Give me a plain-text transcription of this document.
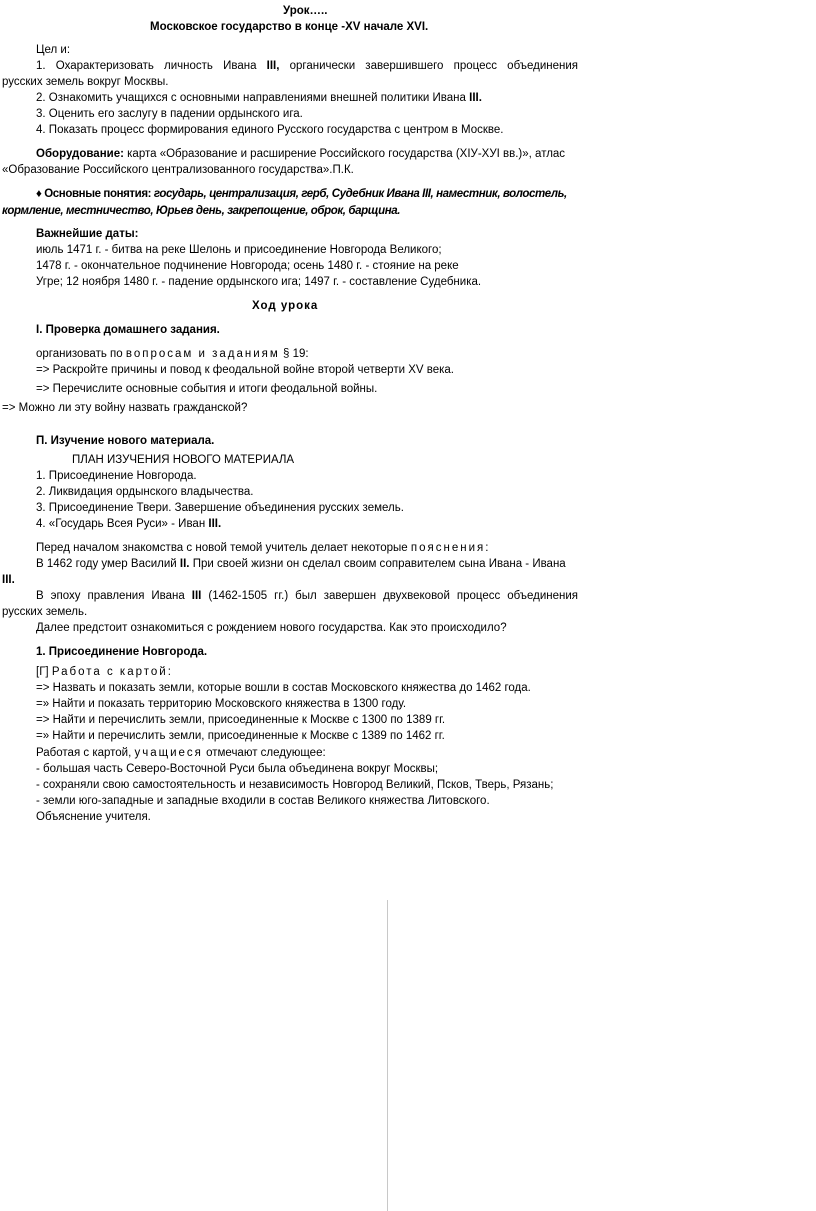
Урок…..
Московское государство в конце -XV начале XVI.
Цел и:
1. Охарактеризовать личность Ивана III, органически завершившего процесс объединения
русских земель вокруг Москвы.
2. Ознакомить учащихся с основными направлениями внешней политики Ивана III.
3. Оценить его заслугу в падении ордынского ига.
4. Показать процесс формирования единого Русского государства с центром в Москве.
Оборудование: карта «Образование и расширение Российского государства (ХIУ-ХУI вв.)», атлас
«Образование Российского централизованного государства».П.К.
♦ Основные понятия: государь, централизация, герб, Судебник Ивана III, наместник, волостель,
кормление, местничество, Юрьев день, закрепощение, оброк, барщина.
Важнейшие даты:
июль 1471 г. - битва на реке Шелонь и присоединение Новгорода Великого;
1478 г. - окончательное подчинение Новгорода; осень 1480 г. - стояние на реке
Угре; 12 ноября 1480 г. - падение ордынского ига; 1497 г. - составление Судебника.
Ход урока
I. Проверка домашнего задания.
организовать по вопросам и заданиям § 19:
=> Раскройте причины и повод к феодальной войне второй четверти XV века.
=> Перечислите основные события и итоги феодальной войны.
=> Можно ли эту войну назвать гражданской?
П. Изучение нового материала.
ПЛАН ИЗУЧЕНИЯ НОВОГО МАТЕРИАЛА
1. Присоединение Новгорода.
2. Ликвидация ордынского владычества.
3. Присоединение Твери. Завершение объединения русских земель.
4. «Государь Всея Руси» - Иван III.
Перед началом знакомства с новой темой учитель делает некоторые пояснения:
В 1462 году умер Василий II. При своей жизни он сделал своим соправителем сына Ивана - Ивана
III.
В эпоху правления Ивана III (1462-1505 гг.) был завершен двухвековой процесс объединения
русских земель.
Далее предстоит ознакомиться с рождением нового государства. Как это происходило?
1. Присоединение Новгорода.
[Г] Работа с картой:
=> Назвать и показать земли, которые вошли в состав Московского княжества до 1462 года.
=» Найти и показать территорию Московского княжества в 1300 году.
=> Найти и перечислить земли, присоединенные к Москве с 1300 по 1389 гг.
=» Найти и перечислить земли, присоединенные к Москве с 1389 по 1462 гг.
Работая с картой, учащиеся отмечают следующее:
- большая часть Северо-Восточной Руси была объединена вокруг Москвы;
- сохраняли свою самостоятельность и независимость Новгород Великий, Псков, Тверь, Рязань;
- земли юго-западные и западные входили в состав Великого княжества Литовского.
Объяснение учителя.
